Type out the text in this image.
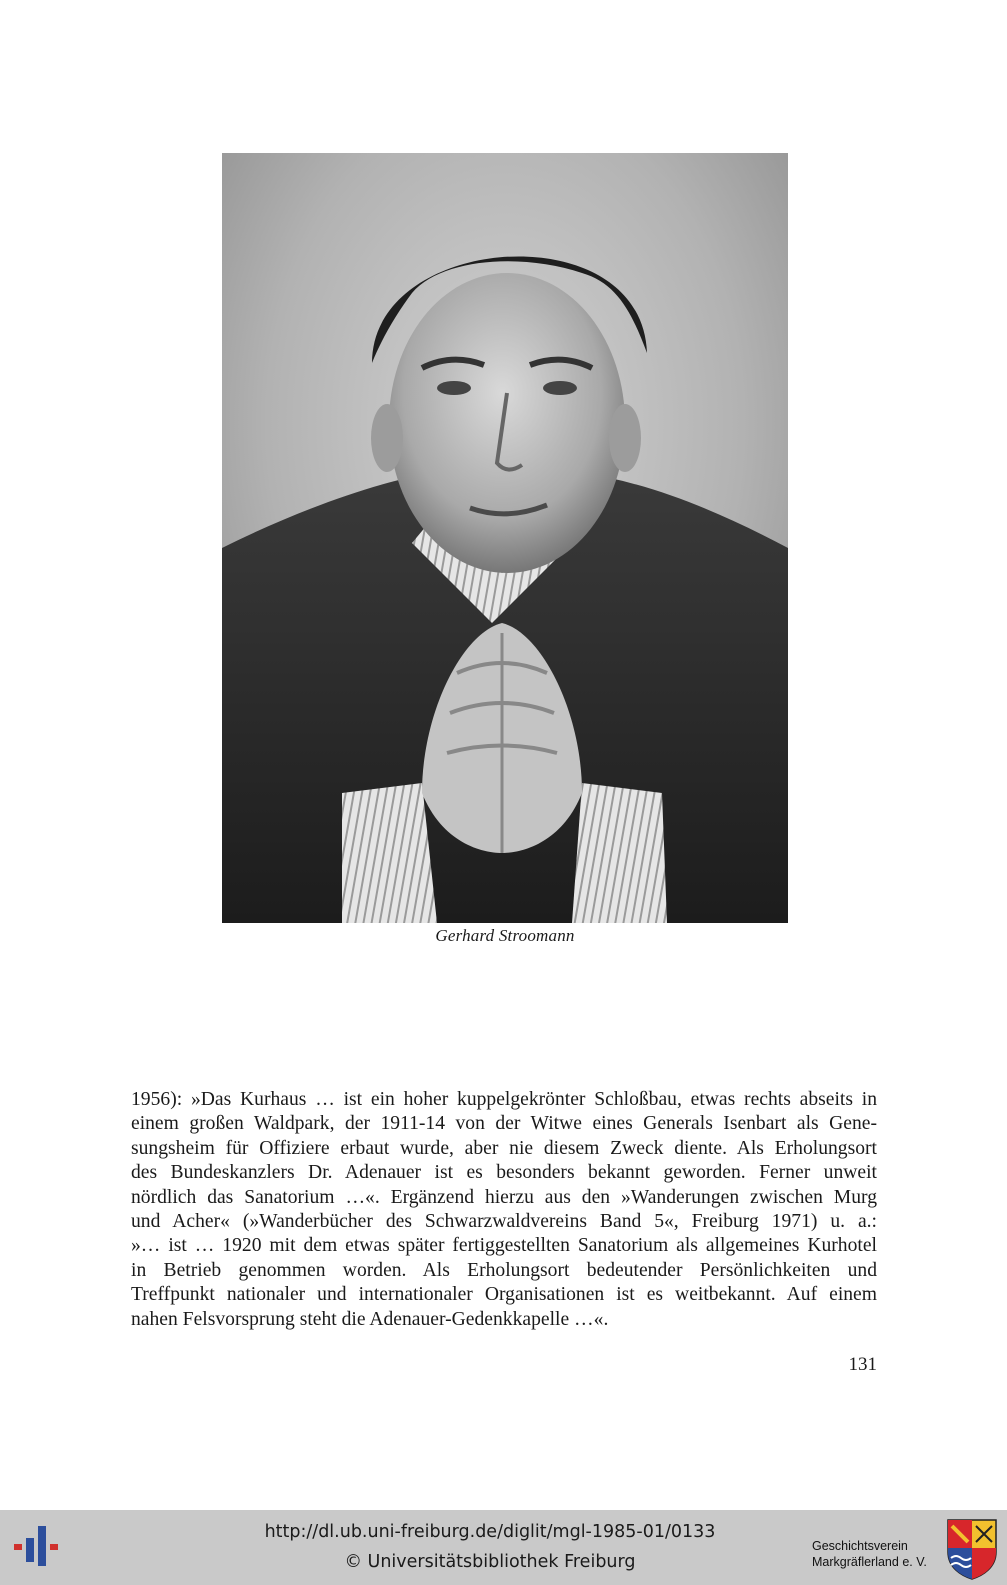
Gerhard Stroomann
1956): »Das Kurhaus … ist ein hoher kuppelgekrönter Schloßbau, etwas rechts abseits in
einem großen Waldpark, der 1911-14 von der Witwe eines Generals Isenbart als Gene-
sungsheim für Offiziere erbaut wurde, aber nie diesem Zweck diente. Als Erholungsort
des Bundeskanzlers Dr. Adenauer ist es besonders bekannt geworden. Ferner unweit
nördlich das Sanatorium …«. Ergänzend hierzu aus den »Wanderungen zwischen Murg
und Acher« (»Wanderbücher des Schwarzwaldvereins Band 5«, Freiburg 1971) u. a.:
»… ist … 1920 mit dem etwas später fertiggestellten Sanatorium als allgemeines Kurhotel
in Betrieb genommen worden. Als Erholungsort bedeutender Persönlichkeiten und
Treffpunkt nationaler und internationaler Organisationen ist es weitbekannt. Auf einem
nahen Felsvorsprung steht die Adenauer-Gedenkkapelle …«.
131
http://dl.ub.uni-freiburg.de/diglit/mgl-1985-01/0133
© Universitätsbibliothek Freiburg
Geschichtsverein
Markgräflerland e. V.
